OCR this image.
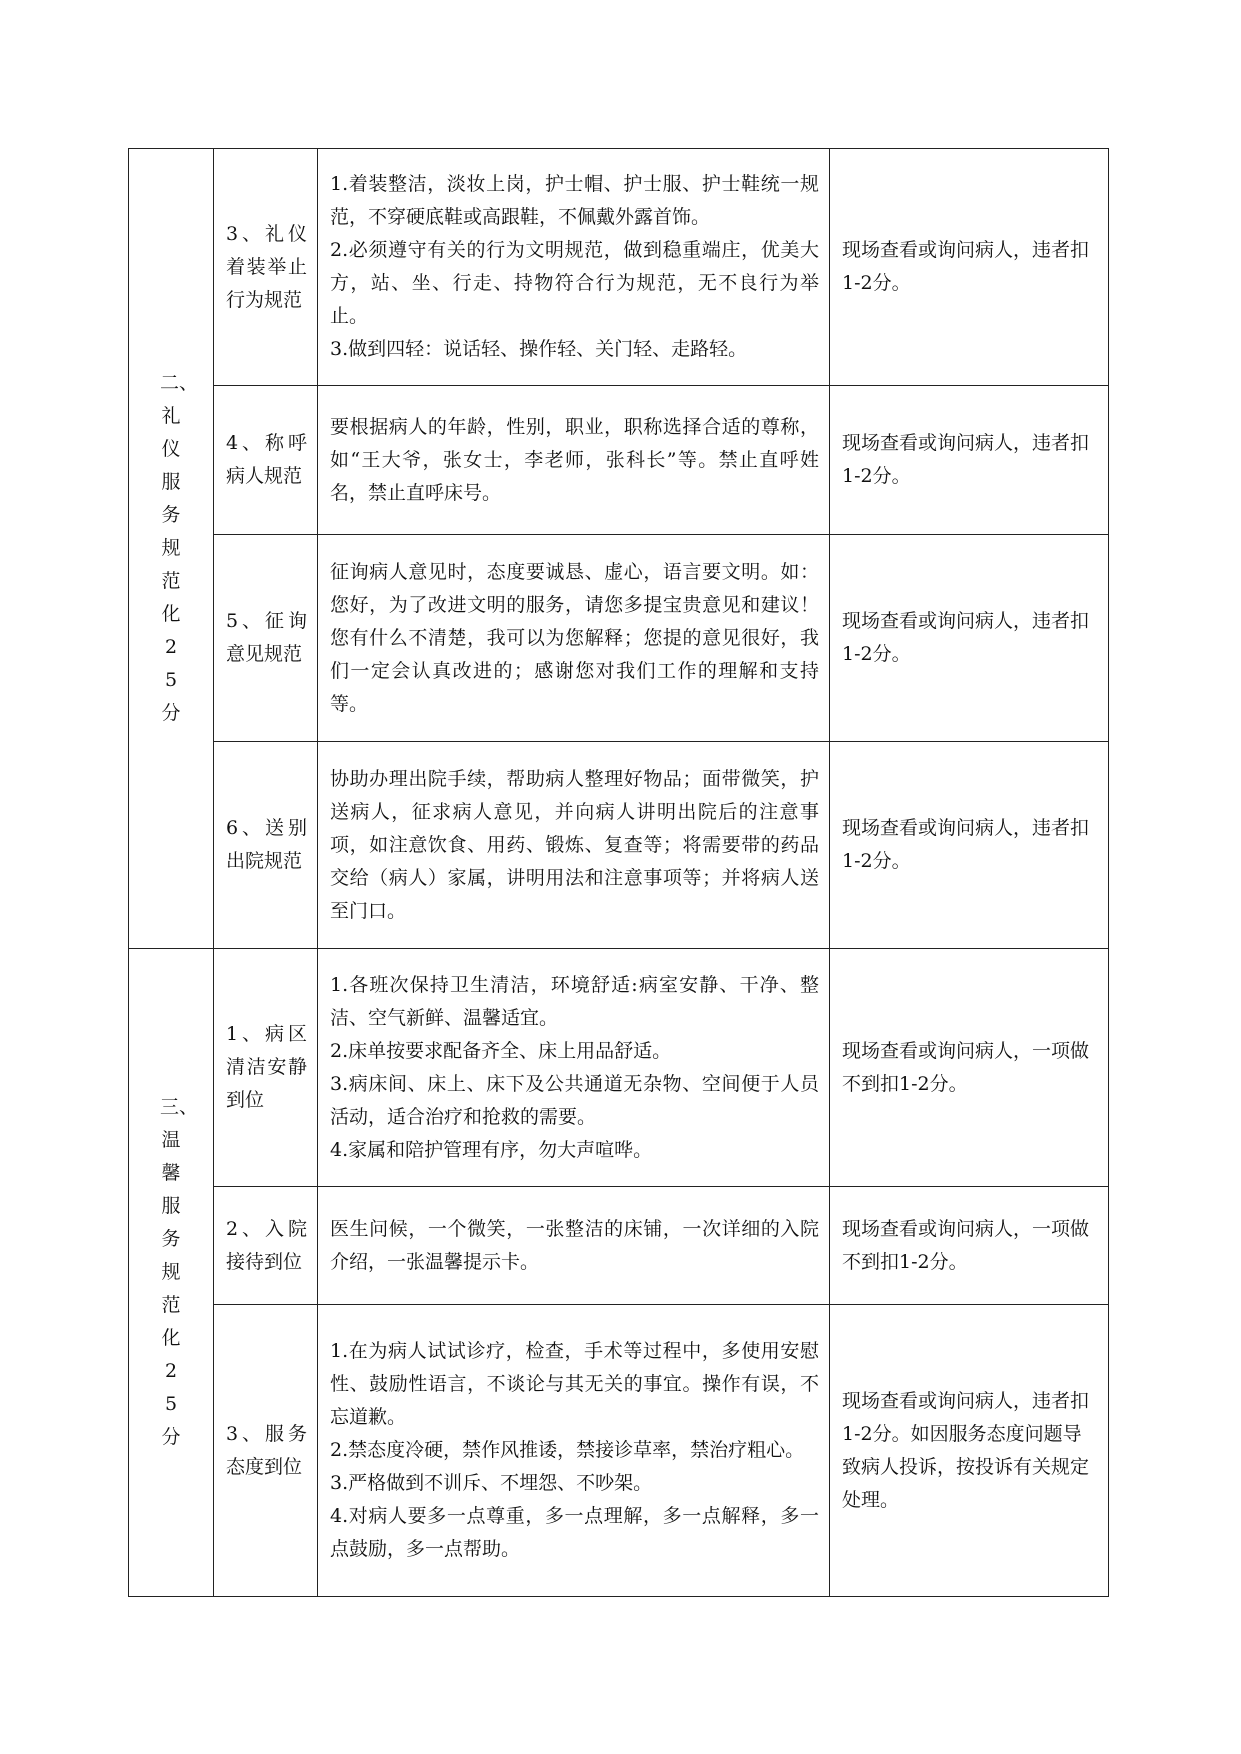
二、礼仪服务规范化25分	3、礼仪着装举止行为规范	1.着装整洁，淡妆上岗，护士帽、护士服、护士鞋统一规范，不穿硬底鞋或高跟鞋，不佩戴外露首饰。
2.必须遵守有关的行为文明规范，做到稳重端庄，优美大方，站、坐、行走、持物符合行为规范，无不良行为举止。
3.做到四轻：说话轻、操作轻、关门轻、走路轻。	现场查看或询问病人，违者扣1-2分。

	4、称呼病人规范	要根据病人的年龄，性别，职业，职称选择合适的尊称，如“王大爷，张女士，李老师，张科长”等。禁止直呼姓名，禁止直呼床号。	现场查看或询问病人，违者扣1-2分。

	5、征询意见规范	征询病人意见时，态度要诚恳、虚心，语言要文明。如：您好，为了改进文明的服务，请您多提宝贵意见和建议！您有什么不清楚，我可以为您解释；您提的意见很好，我们一定会认真改进的；感谢您对我们工作的理解和支持等。	现场查看或询问病人，违者扣1-2分。

	6、送别出院规范	协助办理出院手续，帮助病人整理好物品；面带微笑，护送病人，征求病人意见，并向病人讲明出院后的注意事项，如注意饮食、用药、锻炼、复查等；将需要带的药品交给（病人）家属，讲明用法和注意事项等；并将病人送至门口。	现场查看或询问病人，违者扣1-2分。

三、温馨服务规范化25分	1、病区清洁安静到位	1.各班次保持卫生清洁，环境舒适:病室安静、干净、整洁、空气新鲜、温馨适宜。
2.床单按要求配备齐全、床上用品舒适。
3.病床间、床上、床下及公共通道无杂物、空间便于人员活动，适合治疗和抢救的需要。
4.家属和陪护管理有序，勿大声喧哗。	现场查看或询问病人，一项做不到扣1-2分。

	2、入院接待到位	医生问候，一个微笑，一张整洁的床铺，一次详细的入院介绍，一张温馨提示卡。	现场查看或询问病人，一项做不到扣1-2分。

	3、服务态度到位	1.在为病人试试诊疗，检查，手术等过程中，多使用安慰性、鼓励性语言，不谈论与其无关的事宜。操作有误，不忘道歉。
2.禁态度冷硬，禁作风推诿，禁接诊草率，禁治疗粗心。
3.严格做到不训斥、不埋怨、不吵架。
4.对病人要多一点尊重，多一点理解，多一点解释，多一点鼓励，多一点帮助。	现场查看或询问病人，违者扣1-2分。如因服务态度问题导致病人投诉，按投诉有关规定处理。
